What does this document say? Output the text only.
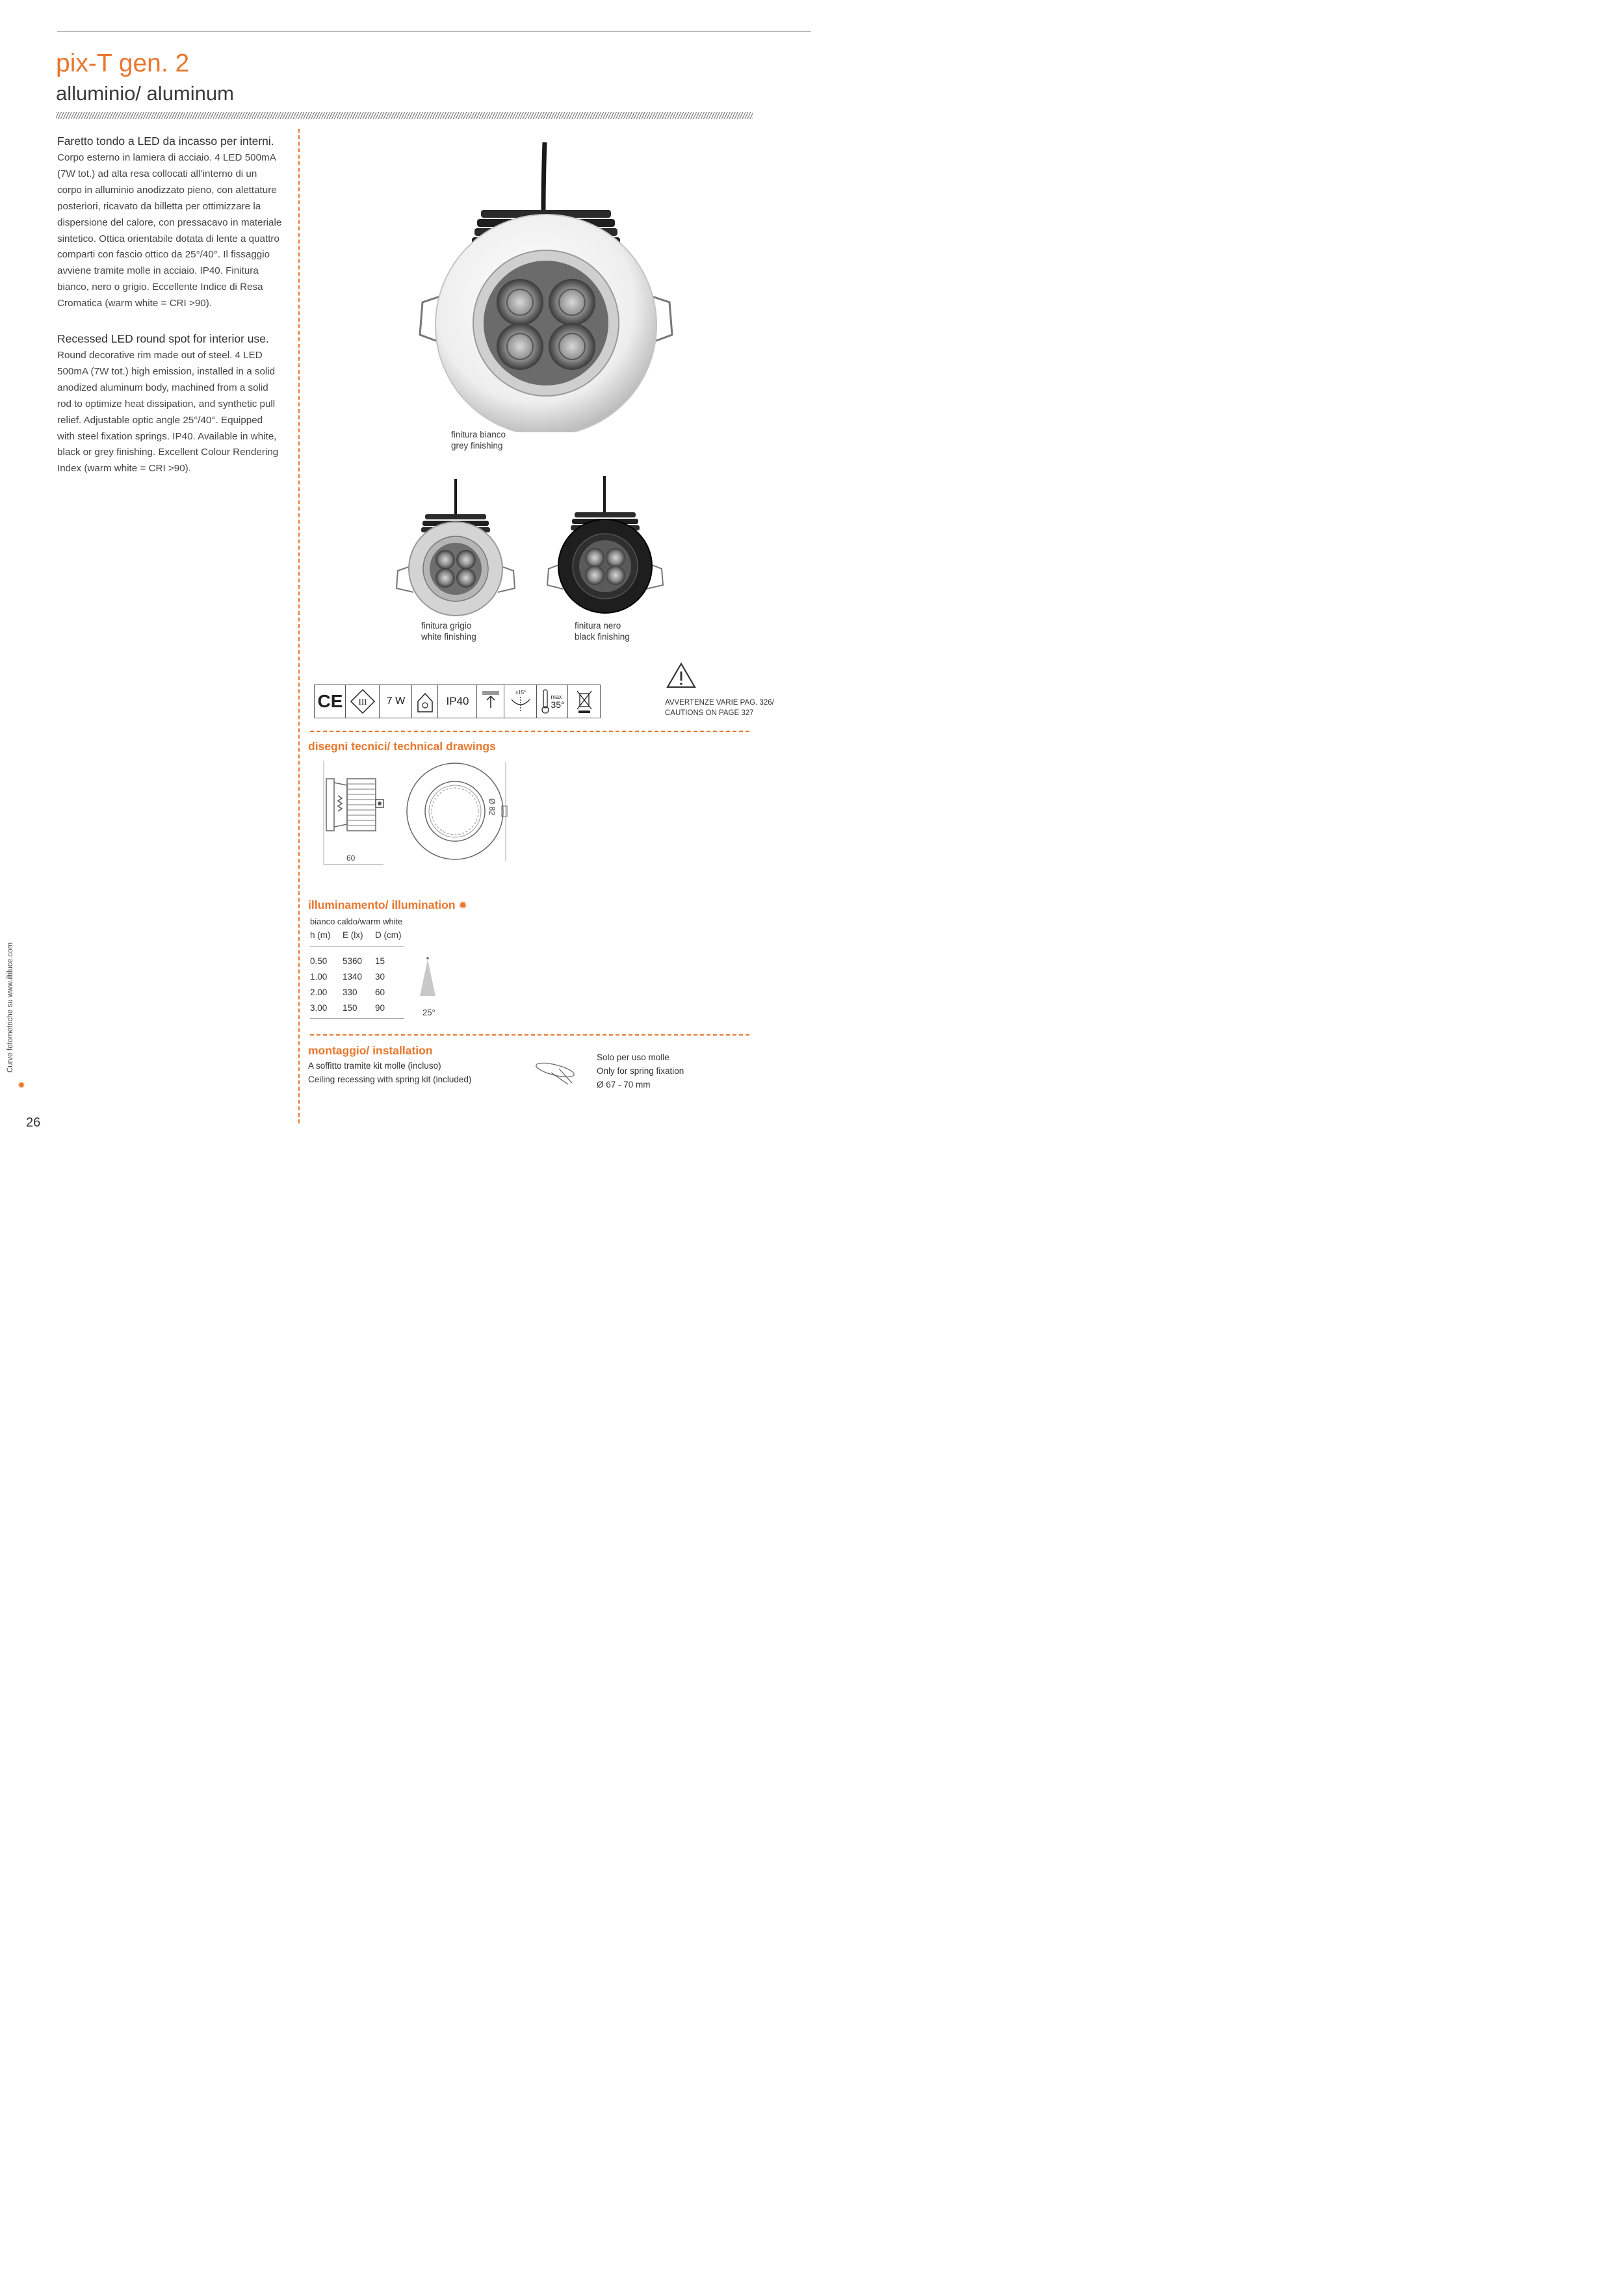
pix-T gen. 2
alluminio/ aluminum
Faretto tondo a LED da incasso per interni.
Corpo esterno in lamiera di acciaio. 4 LED 500mA
(7W tot.) ad alta resa collocati all’interno di un
corpo in alluminio anodizzato pieno, con alettature
posteriori, ricavato da billetta per ottimizzare la
dispersione del calore, con pressacavo in materiale
sintetico. Ottica orientabile dotata di lente a quattro
comparti con fascio ottico da 25°/40°. Il fissaggio
avviene tramite molle in acciaio. IP40. Finitura
bianco, nero o grigio. Eccellente Indice di Resa
Cromatica (warm white = CRI >90).
Recessed LED round spot for interior use.
Round decorative rim made out of steel. 4 LED
500mA (7W tot.) high emission, installed in a solid
anodized aluminum body, machined from a solid
rod to optimize heat dissipation, and synthetic pull
relief. Adjustable optic angle 25°/40°. Equipped
with steel fixation springs. IP40. Available in white,
black or grey finishing. Excellent Colour Rendering
Index (warm white = CRI >90).
finitura bianco
grey finishing
finitura grigio
white finishing
finitura nero
black finishing
CE	III	7 W	IP40
±15°
max
35°	AVVERTENZE VARIE PAG. 326/
CAUTIONS ON PAGE 327
disegni tecnici/ technical drawings
60
Ø 82
illuminamento/ illumination ✹
bianco caldo/warm white
h (m) E (lx) D (cm)
0.50 5360 15
1.00 1340 30
2.00 330 60
3.00 150 90	25°
montaggio/ installation
A soffitto tramite kit molle (incluso)
Ceiling recessing with spring kit (included)
Solo per uso molle
Only for spring fixation
Ø 67 - 70 mm
Curve fotometriche su www.iltiluce.com
✹
26
